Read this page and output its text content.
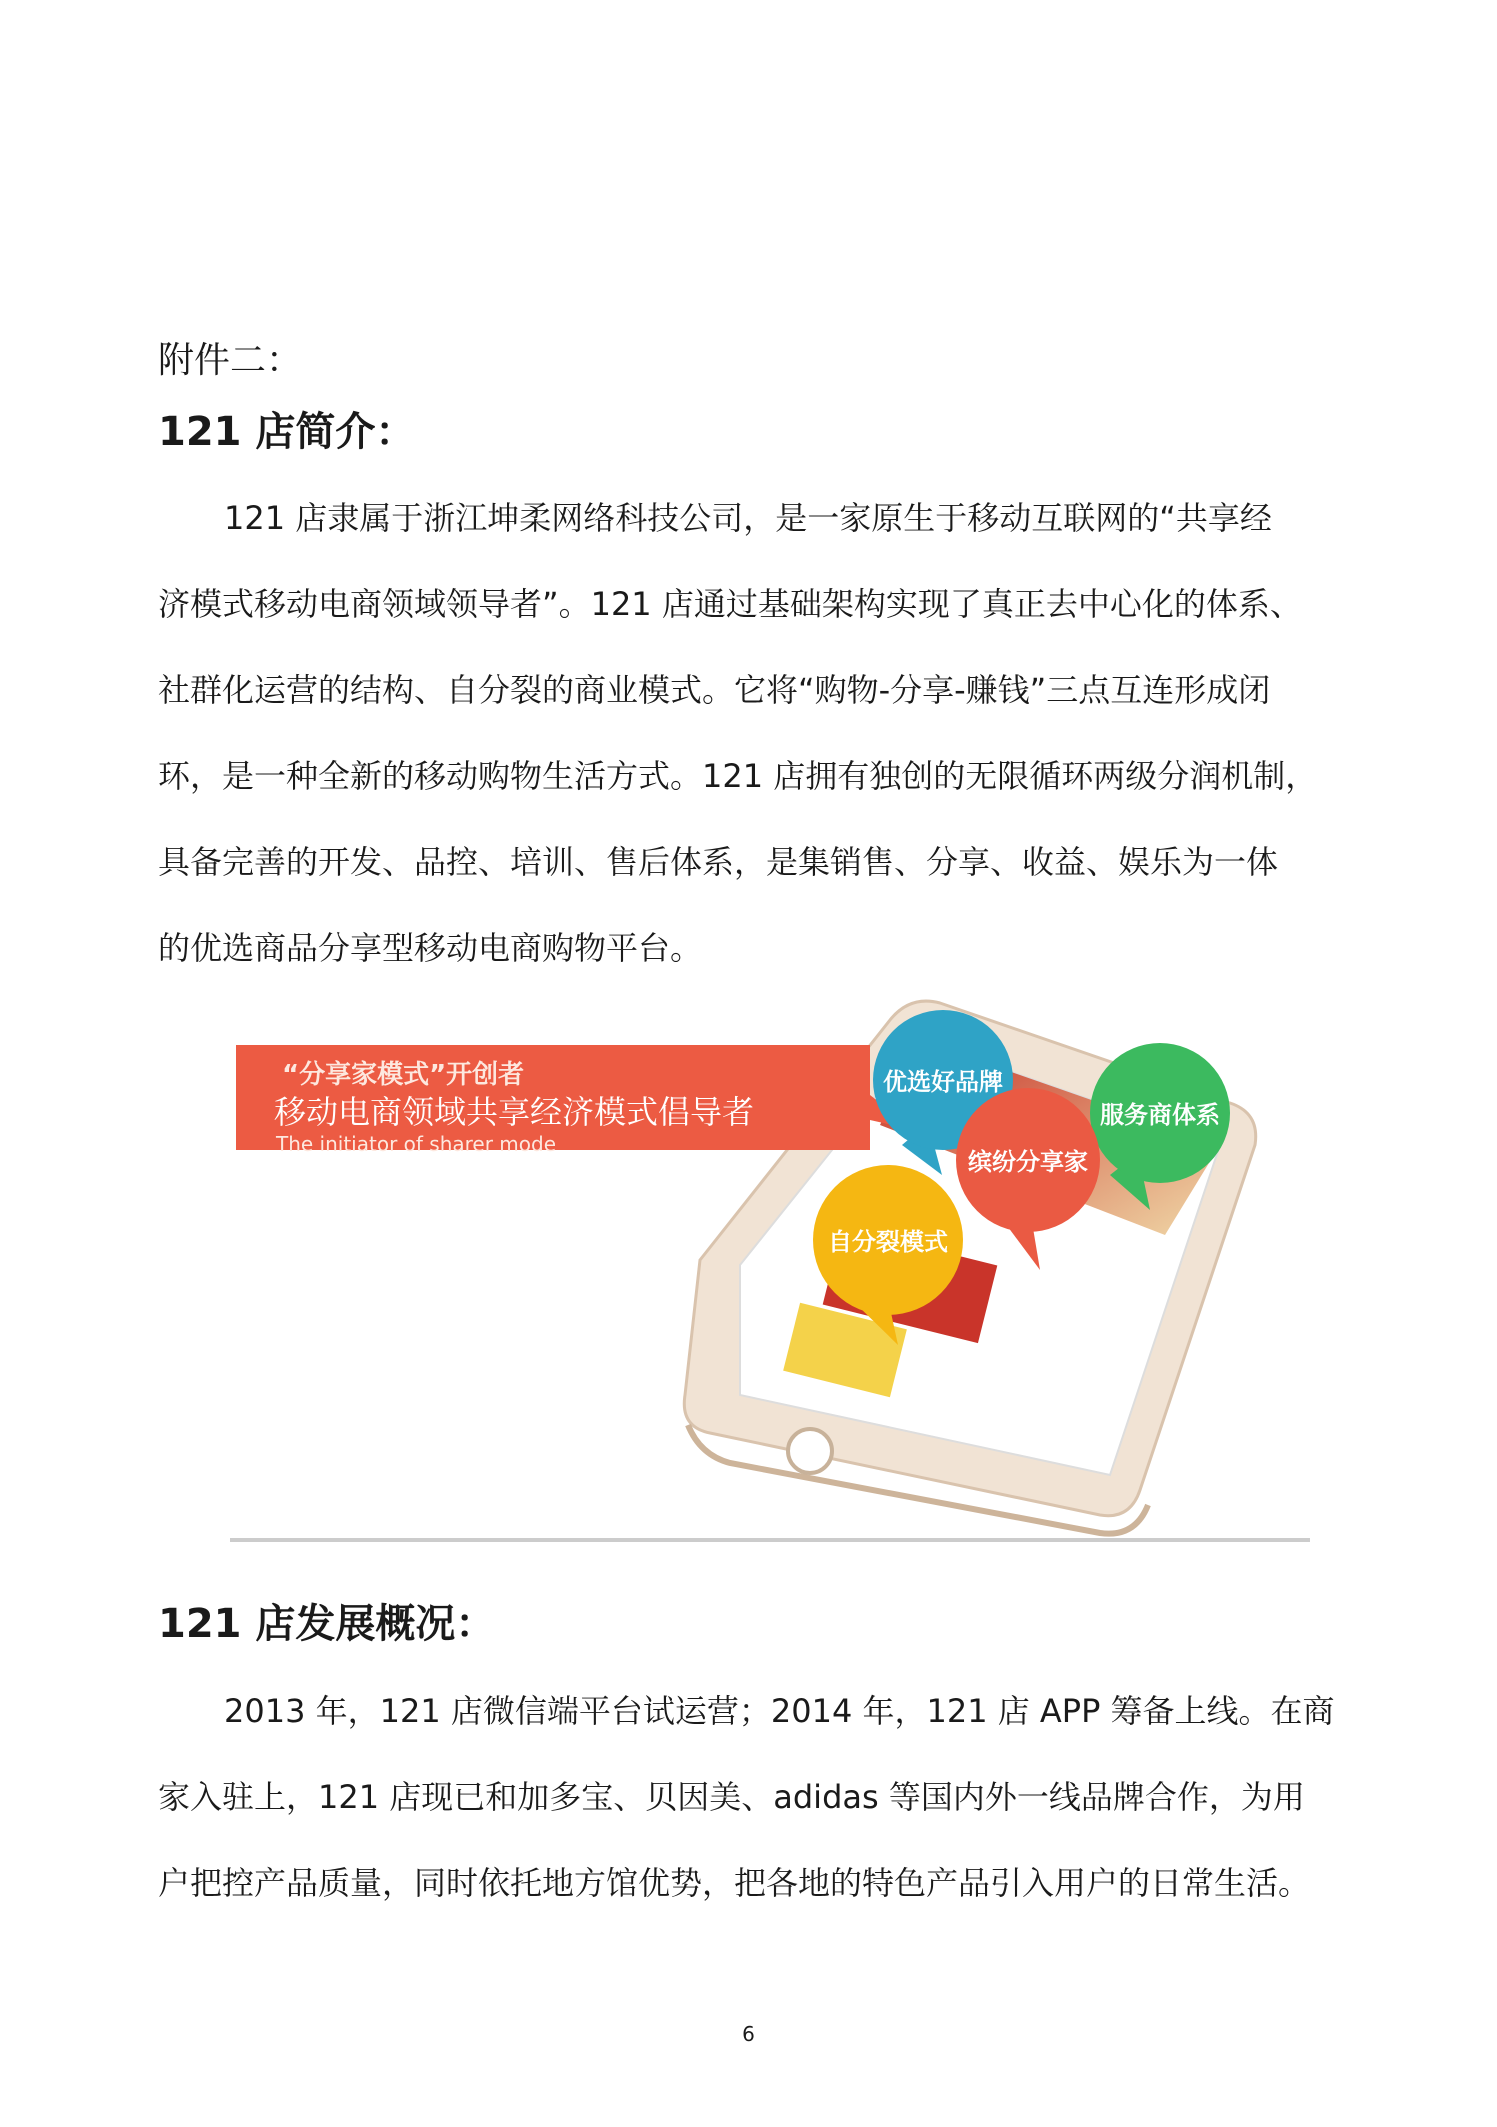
附件二：
121 店简介：

121 店隶属于浙江坤柔网络科技公司，是一家原生于移动互联网的“共享经
济模式移动电商领域领导者”。121 店通过基础架构实现了真正去中心化的体系、
社群化运营的结构、自分裂的商业模式。它将“购物-分享-赚钱”三点互连形成闭
环，是一种全新的移动购物生活方式。121 店拥有独创的无限循环两级分润机制，
具备完善的开发、品控、培训、售后体系，是集销售、分享、收益、娱乐为一体
的优选商品分享型移动电商购物平台。

“分享家模式”开创者
移动电商领域共享经济模式倡导者
The initiator of sharer mode
优选好品牌
服务商体系
缤纷分享家
自分裂模式
121 店发展概况：

2013 年，121 店微信端平台试运营；2014 年，121 店 APP 筹备上线。在商
家入驻上，121 店现已和加多宝、贝因美、adidas 等国内外一线品牌合作，为用
户把控产品质量，同时依托地方馆优势，把各地的特色产品引入用户的日常生活。

6
